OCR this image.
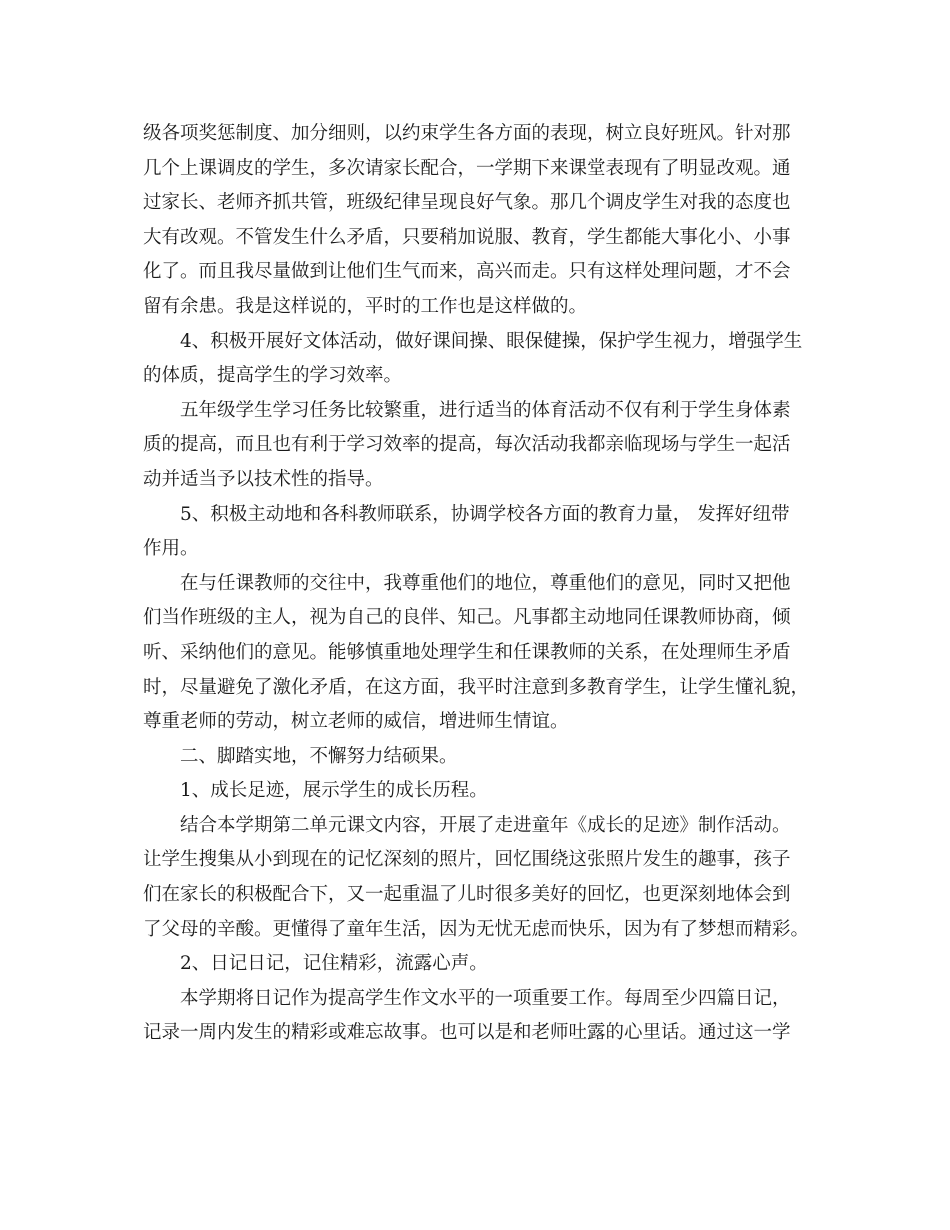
级各项奖惩制度、加分细则，以约束学生各方面的表现，树立良好班风。针对那
几个上课调皮的学生，多次请家长配合，一学期下来课堂表现有了明显改观。通
过家长、老师齐抓共管，班级纪律呈现良好气象。那几个调皮学生对我的态度也
大有改观。不管发生什么矛盾，只要稍加说服、教育，学生都能大事化小、小事
化了。而且我尽量做到让他们生气而来，高兴而走。只有这样处理问题，才不会
留有余患。我是这样说的，平时的工作也是这样做的。
4、积极开展好文体活动，做好课间操、眼保健操，保护学生视力，增强学生
的体质，提高学生的学习效率。
五年级学生学习任务比较繁重，进行适当的体育活动不仅有利于学生身体素
质的提高，而且也有利于学习效率的提高，每次活动我都亲临现场与学生一起活
动并适当予以技术性的指导。
5、积极主动地和各科教师联系，协调学校各方面的教育力量， 发挥好纽带
作用。
在与任课教师的交往中，我尊重他们的地位，尊重他们的意见，同时又把他
们当作班级的主人，视为自己的良伴、知己。凡事都主动地同任课教师协商，倾
听、采纳他们的意见。能够慎重地处理学生和任课教师的关系，在处理师生矛盾
时，尽量避免了激化矛盾，在这方面，我平时注意到多教育学生，让学生懂礼貌，
尊重老师的劳动，树立老师的威信，增进师生情谊。
二、脚踏实地，不懈努力结硕果。
1、成长足迹，展示学生的成长历程。
结合本学期第二单元课文内容，开展了走进童年《成长的足迹》制作活动。
让学生搜集从小到现在的记忆深刻的照片，回忆围绕这张照片发生的趣事，孩子
们在家长的积极配合下，又一起重温了儿时很多美好的回忆，也更深刻地体会到
了父母的辛酸。更懂得了童年生活，因为无忧无虑而快乐，因为有了梦想而精彩。
2、日记日记，记住精彩，流露心声。
本学期将日记作为提高学生作文水平的一项重要工作。每周至少四篇日记，
记录一周内发生的精彩或难忘故事。也可以是和老师吐露的心里话。通过这一学
